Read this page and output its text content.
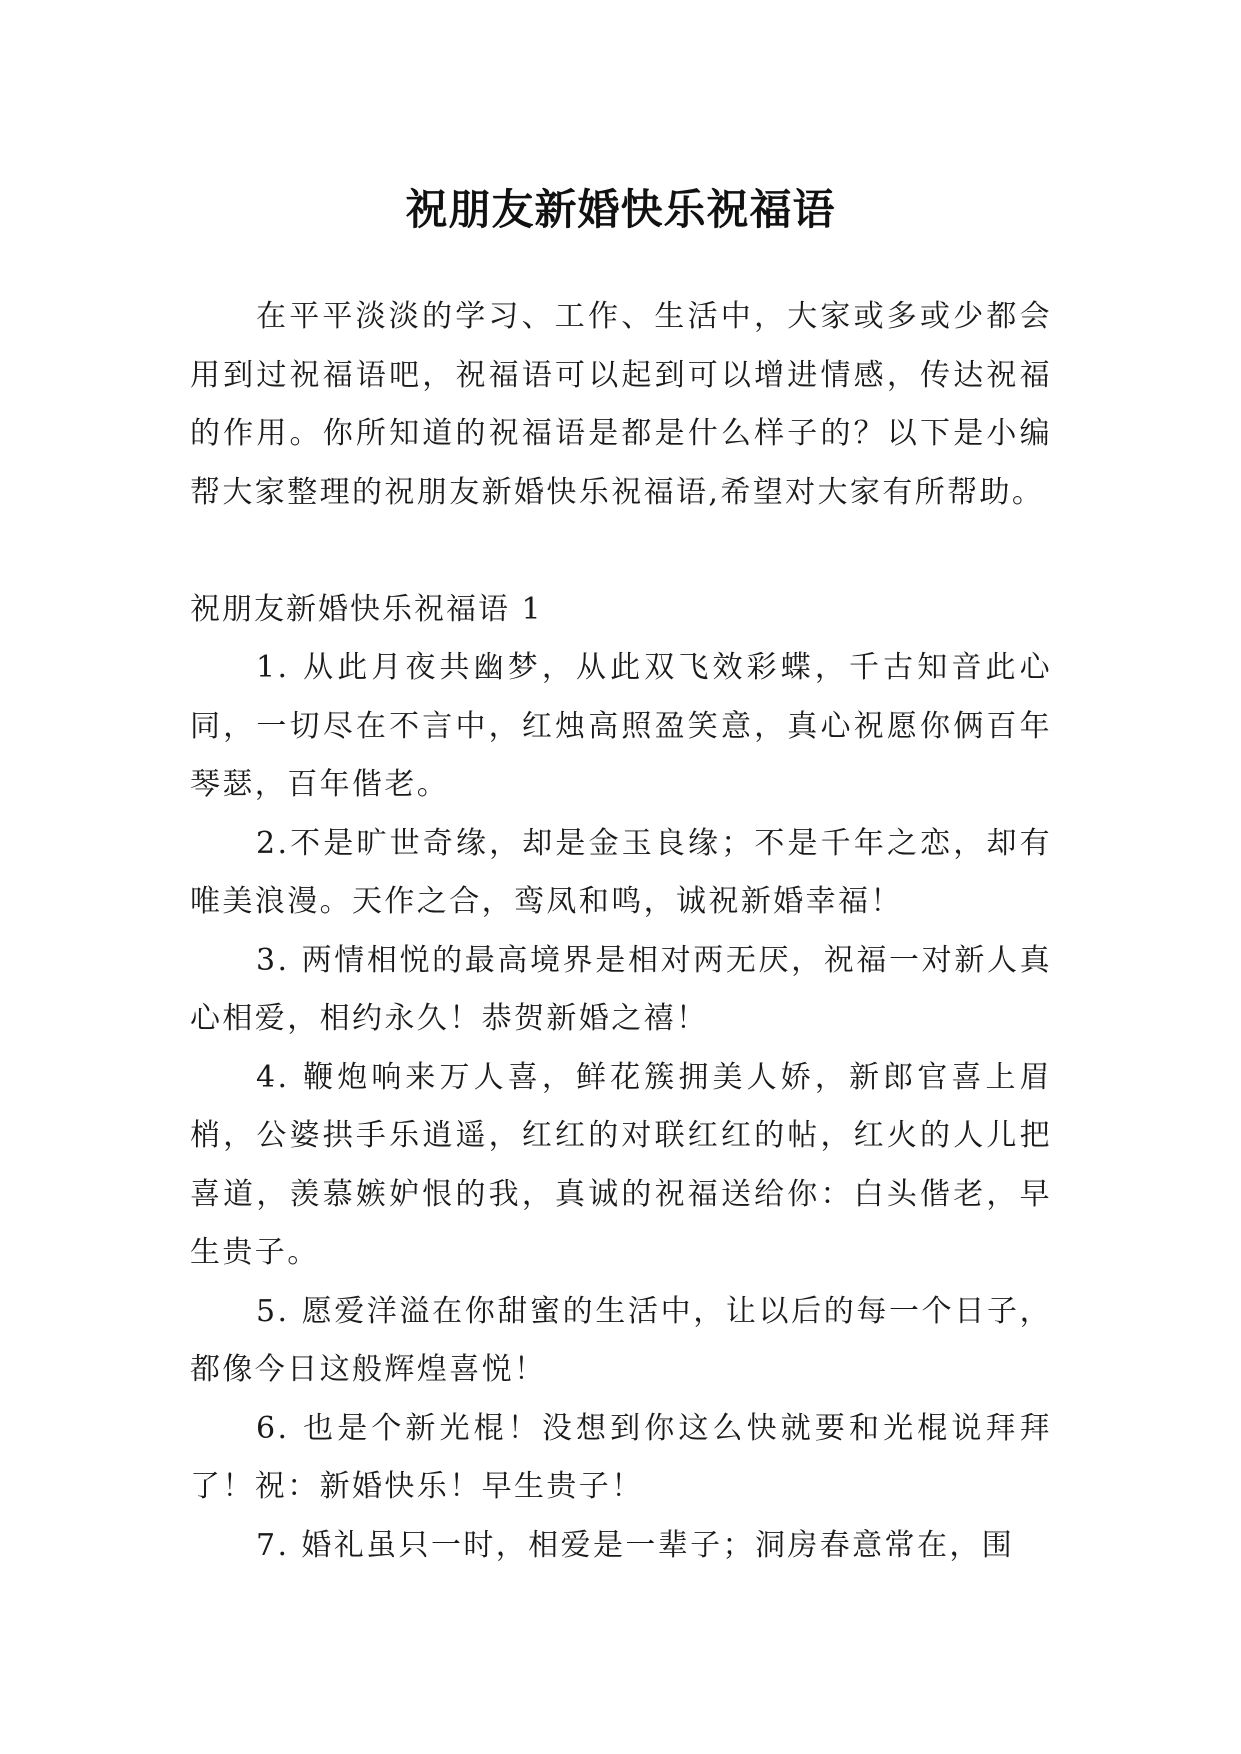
祝朋友新婚快乐祝福语

在平平淡淡的学习、工作、生活中，大家或多或少都会用到过祝福语吧，祝福语可以起到可以增进情感，传达祝福的作用。你所知道的祝福语是都是什么样子的？以下是小编帮大家整理的祝朋友新婚快乐祝福语,希望对大家有所帮助。

祝朋友新婚快乐祝福语 1

1. 从此月夜共幽梦，从此双飞效彩蝶，千古知音此心同，一切尽在不言中，红烛高照盈笑意，真心祝愿你俩百年琴瑟，百年偕老。

2.不是旷世奇缘，却是金玉良缘；不是千年之恋，却有唯美浪漫。天作之合，鸾凤和鸣，诚祝新婚幸福！

3. 两情相悦的最高境界是相对两无厌，祝福一对新人真心相爱，相约永久！恭贺新婚之禧！

4. 鞭炮响来万人喜，鲜花簇拥美人娇，新郎官喜上眉梢，公婆拱手乐逍遥，红红的对联红红的帖，红火的人儿把喜道，羡慕嫉妒恨的我，真诚的祝福送给你：白头偕老，早生贵子。

5. 愿爱洋溢在你甜蜜的生活中，让以后的每一个日子，都像今日这般辉煌喜悦！

6. 也是个新光棍！没想到你这么快就要和光棍说拜拜了！祝：新婚快乐！早生贵子！

7. 婚礼虽只一时，相爱是一辈子；洞房春意常在，围
